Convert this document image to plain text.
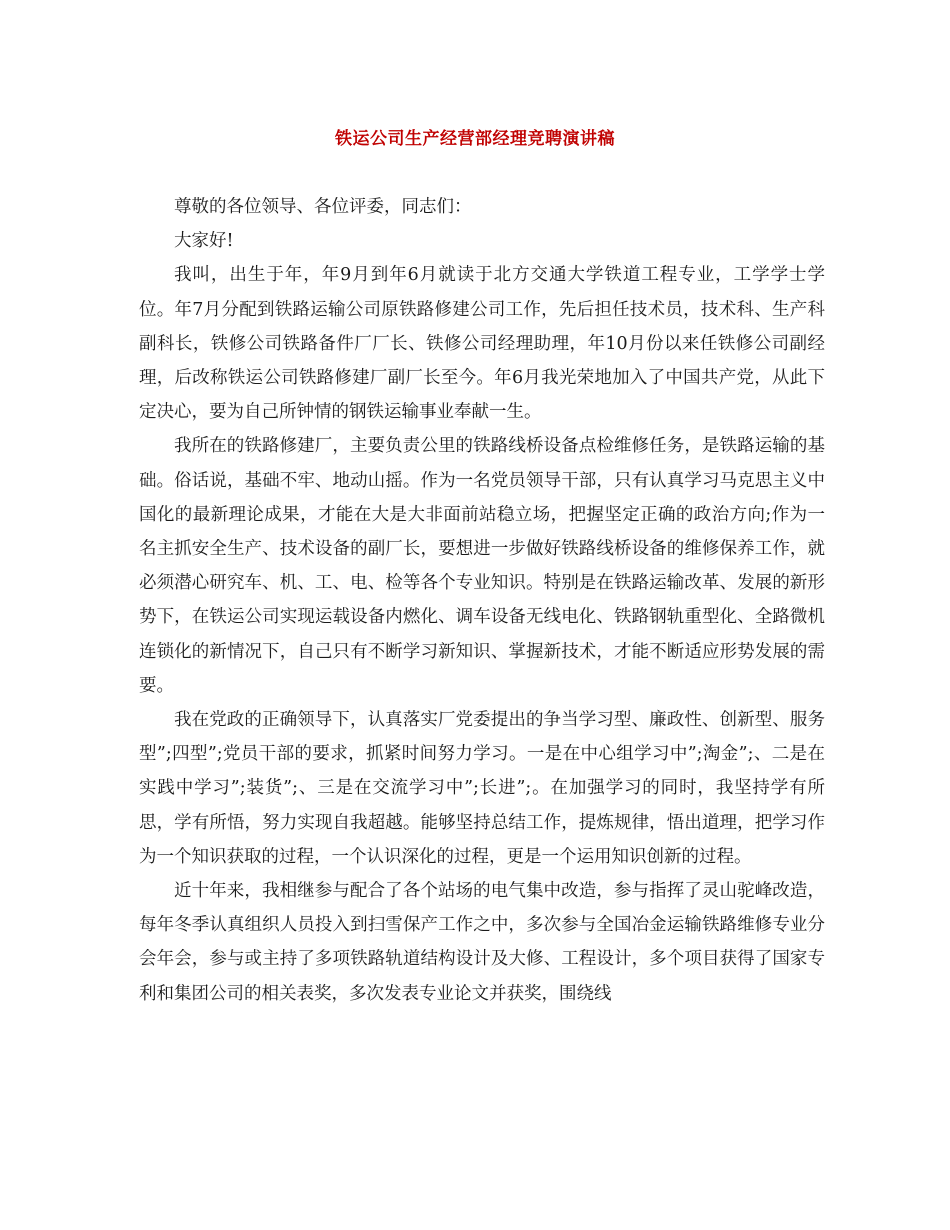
铁运公司生产经营部经理竞聘演讲稿

尊敬的各位领导、各位评委，同志们：

大家好!

我叫，出生于年，年9月到年6月就读于北方交通大学铁道工程专业，工学学士学位。年7月分配到铁路运输公司原铁路修建公司工作，先后担任技术员，技术科、生产科副科长，铁修公司铁路备件厂厂长、铁修公司经理助理，年10月份以来任铁修公司副经理，后改称铁运公司铁路修建厂副厂长至今。年6月我光荣地加入了中国共产党，从此下定决心，要为自己所钟情的钢铁运输事业奉献一生。

我所在的铁路修建厂，主要负责公里的铁路线桥设备点检维修任务，是铁路运输的基础。俗话说，基础不牢、地动山摇。作为一名党员领导干部，只有认真学习马克思主义中国化的最新理论成果，才能在大是大非面前站稳立场，把握坚定正确的政治方向;作为一名主抓安全生产、技术设备的副厂长，要想进一步做好铁路线桥设备的维修保养工作，就必须潜心研究车、机、工、电、检等各个专业知识。特别是在铁路运输改革、发展的新形势下，在铁运公司实现运载设备内燃化、调车设备无线电化、铁路钢轨重型化、全路微机连锁化的新情况下，自己只有不断学习新知识、掌握新技术，才能不断适应形势发展的需要。

我在党政的正确领导下，认真落实厂党委提出的争当学习型、廉政性、创新型、服务型”;四型”;党员干部的要求，抓紧时间努力学习。一是在中心组学习中”;淘金”;、二是在实践中学习”;装货”;、三是在交流学习中”;长进”;。在加强学习的同时，我坚持学有所思，学有所悟，努力实现自我超越。能够坚持总结工作，提炼规律，悟出道理，把学习作为一个知识获取的过程，一个认识深化的过程，更是一个运用知识创新的过程。

近十年来，我相继参与配合了各个站场的电气集中改造，参与指挥了灵山驼峰改造，每年冬季认真组织人员投入到扫雪保产工作之中，多次参与全国冶金运输铁路维修专业分会年会，参与或主持了多项铁路轨道结构设计及大修、工程设计，多个项目获得了国家专利和集团公司的相关表奖，多次发表专业论文并获奖，围绕线
